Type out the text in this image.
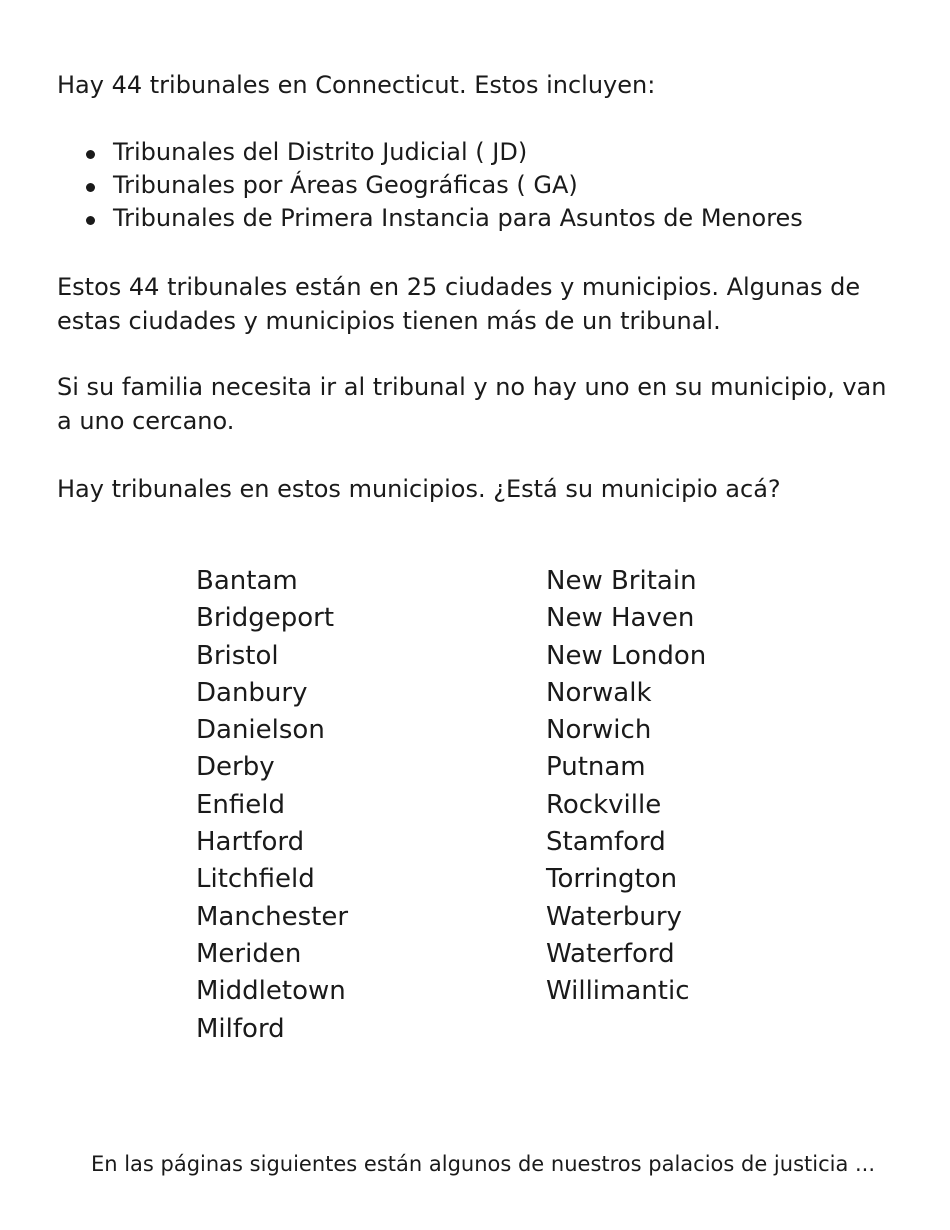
Hay 44 tribunales en Connecticut. Estos incluyen:

Tribunales del Distrito Judicial ( JD)
Tribunales por Áreas Geográficas ( GA)
Tribunales de Primera Instancia para Asuntos de Menores

Estos 44 tribunales están en 25 ciudades y municipios. Algunas de estas ciudades y municipios tienen más de un tribunal.

Si su familia necesita ir al tribunal y no hay uno en su municipio, van a uno cercano.

Hay tribunales en estos municipios. ¿Está su municipio acá?

Bantam
Bridgeport
Bristol
Danbury
Danielson
Derby
Enfield
Hartford
Litchfield
Manchester
Meriden
Middletown
Milford
New Britain
New Haven
New London
Norwalk
Norwich
Putnam
Rockville
Stamford
Torrington
Waterbury
Waterford
Willimantic
En las páginas siguientes están algunos de nuestros palacios de justicia ...
